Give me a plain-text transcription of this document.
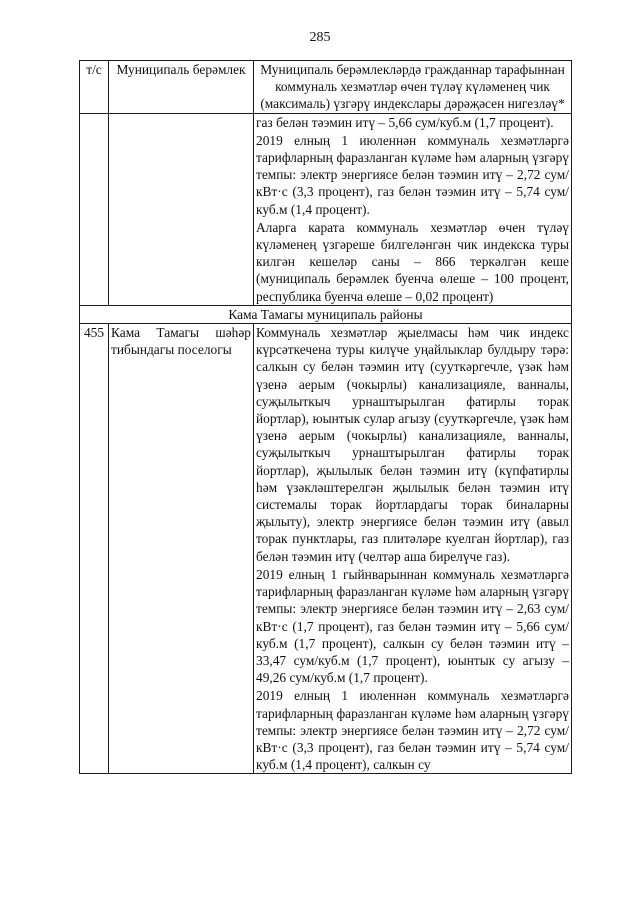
285
т/с	Муниципаль берәмлек	Муниципаль берәмлекләрдә гражданнар тарафыннан коммуналь хезмәтләр өчен түләү күләменең чик (максималь) үзгәрү индекслары дәрәҗәсен нигезләү*

		газ белән тәэмин итү – 5,66 сум/куб.м (1,7 процент).

2019 елның 1 июленнән коммуналь хезмәтләргә тарифларның фаразланган күләме һәм аларның үзгәрү темпы: электр энергиясе белән тәэмин итү – 2,72 сум/кВт·с (3,3 процент), газ белән тәэмин итү – 5,74 сум/куб.м (1,4 процент).

Аларга карата коммуналь хезмәтләр өчен түләү күләменең үзгәреше билгеләнгән чик индекска туры килгән кешеләр саны – 866 теркәлгән кеше (муниципаль берәмлек буенча өлеше – 100 процент, республика буенча өлеше – 0,02 процент)

Кама Тамагы муниципаль районы		
455	Кама Тамагы шәһәр тибындагы поселогы	Коммуналь хезмәтләр җыелмасы һәм чик индекс күрсәткечена туры килүче уңайлыклар булдыру тәрә: салкын су белән тәэмин итү (сууткәргечле, үзәк һәм үзенә аерым (чокырлы) канализацияле, ванналы, суҗылыткыч урнаштырылган фатирлы торак йортлар), юынтык сулар агызу (сууткәргечле, үзәк һәм үзенә аерым (чокырлы) канализацияле, ванналы, суҗылыткыч урнаштырылган фатирлы торак йортлар), җылылык белән тәэмин итү (күпфатирлы һәм үзәкләштерелгән җылылык белән тәэмин итү системалы торак йортлардагы торак биналарны җылыту), электр энергиясе белән тәэмин итү (авыл торак пунктлары, газ плитәләре куелган йортлар), газ белән тәэмин итү (челтәр аша бирелүче газ).

2019 елның 1 гыйнварыннан коммуналь хезмәтләргә тарифларның фаразланган күләме һәм аларның үзгәрү темпы: электр энергиясе белән тәэмин итү – 2,63 сум/кВт·с (1,7 процент), газ белән тәэмин итү – 5,66 сум/куб.м (1,7 процент), салкын су белән тәэмин итү – 33,47 сум/куб.м (1,7 процент), юынтык су агызу – 49,26 сум/куб.м (1,7 процент).

2019 елның 1 июленнән коммуналь хезмәтләргә тарифларның фаразланган күләме һәм аларның үзгәрү темпы: электр энергиясе белән тәэмин итү – 2,72 сум/кВт·с (3,3 процент), газ белән тәэмин итү – 5,74 сум/куб.м (1,4 процент), салкын су
